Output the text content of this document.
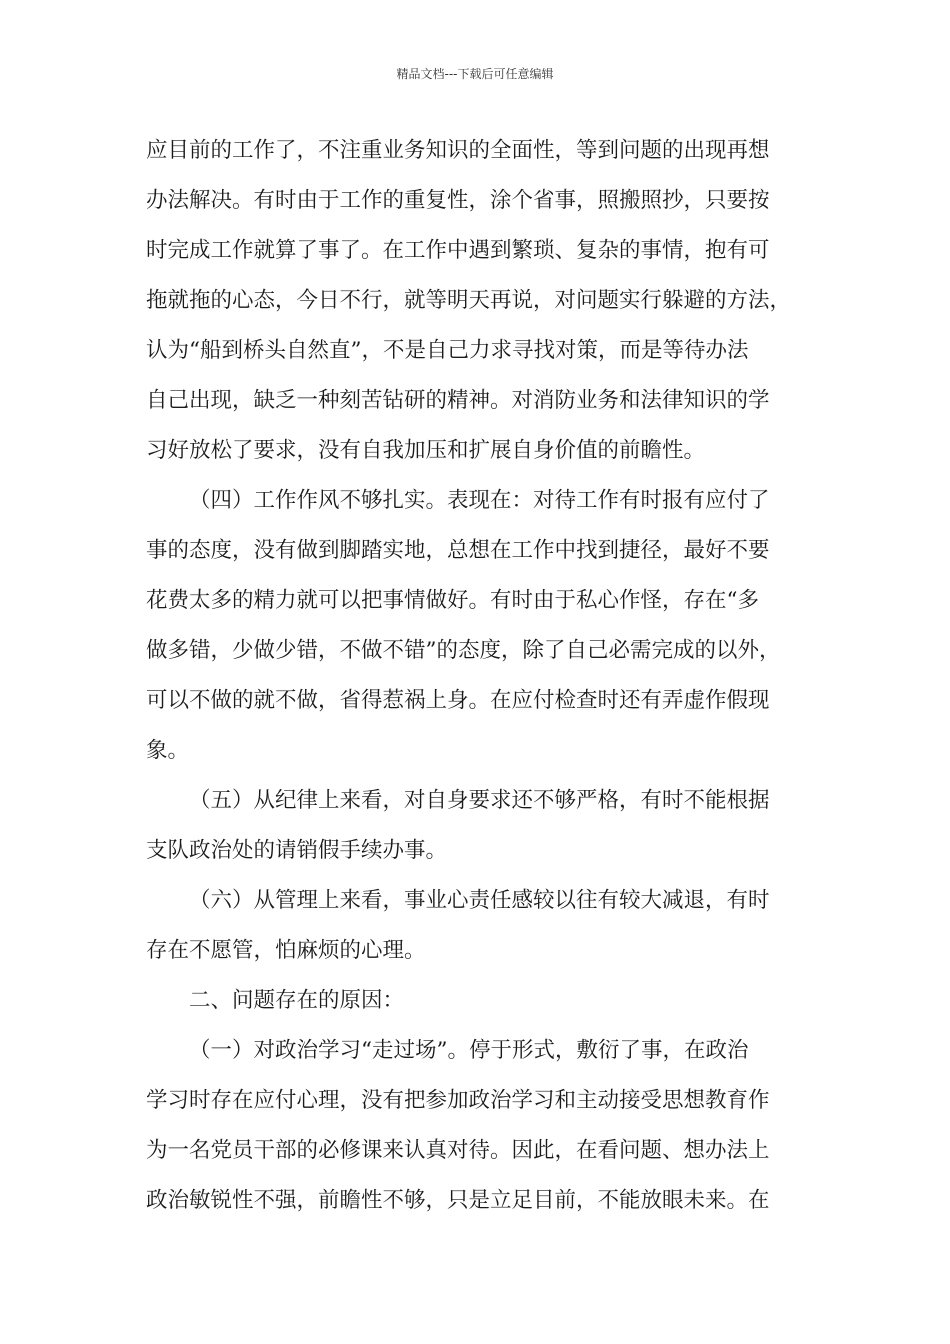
精品文档---下载后可任意编辑
应目前的工作了，不注重业务知识的全面性，等到问题的出现再想
办法解决。有时由于工作的重复性，涂个省事，照搬照抄，只要按
时完成工作就算了事了。在工作中遇到繁琐、复杂的事情，抱有可
拖就拖的心态，今日不行，就等明天再说，对问题实行躲避的方法，
认为“船到桥头自然直”，不是自己力求寻找对策，而是等待办法
自己出现，缺乏一种刻苦钻研的精神。对消防业务和法律知识的学
习好放松了要求，没有自我加压和扩展自身价值的前瞻性。
（四）工作作风不够扎实。表现在：对待工作有时报有应付了
事的态度，没有做到脚踏实地，总想在工作中找到捷径，最好不要
花费太多的精力就可以把事情做好。有时由于私心作怪，存在“多
做多错，少做少错，不做不错”的态度，除了自己必需完成的以外，
可以不做的就不做，省得惹祸上身。在应付检查时还有弄虚作假现
象。
（五）从纪律上来看，对自身要求还不够严格，有时不能根据
支队政治处的请销假手续办事。
（六）从管理上来看，事业心责任感较以往有较大减退，有时
存在不愿管，怕麻烦的心理。
二、问题存在的原因：
（一）对政治学习“走过场”。停于形式，敷衍了事，在政治
学习时存在应付心理，没有把参加政治学习和主动接受思想教育作
为一名党员干部的必修课来认真对待。因此，在看问题、想办法上
政治敏锐性不强，前瞻性不够，只是立足目前，不能放眼未来。在
